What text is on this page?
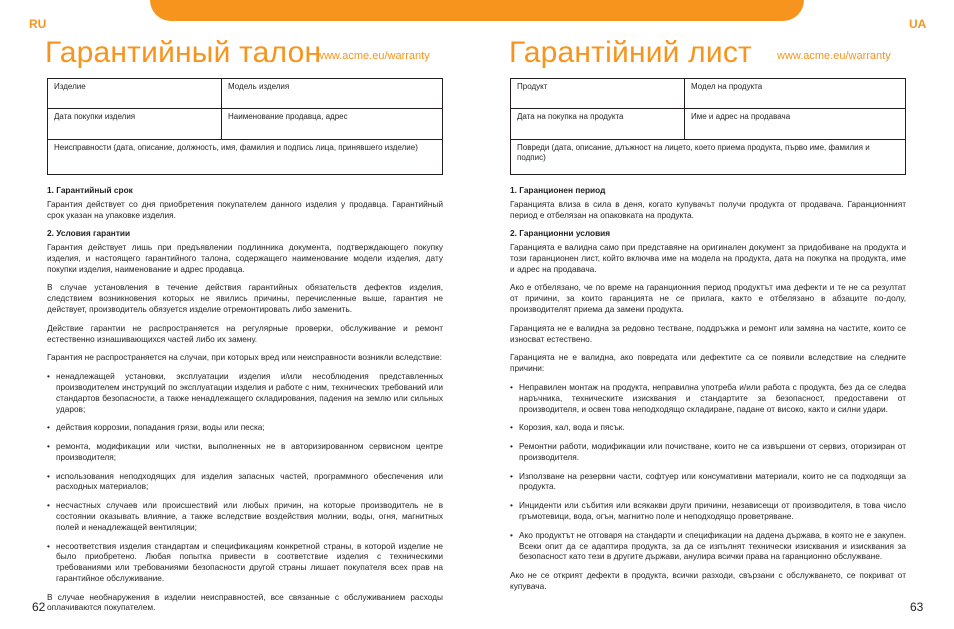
RU
Гарантийный талон
www.acme.eu/warranty
Изделие	Модель изделия
Дата покупки изделия	Наименование продавца, адрес
Неисправности (дата, описание, должность, имя, фамилия и подпись лица, принявшего изделие)	
1. Гарантийный срок

Гарантия действует со дня приобретения покупателем данного изделия у продавца. Гарантийный срок указан на упаковке изделия.

2. Условия гарантии

Гарантия действует лишь при предъявлении подлинника документа, подтверждающего покупку изделия, и настоящего гарантийного талона, содержащего наименование модели изделия, дату покупки изделия, наименование и адрес продавца.

В случае установления в течение действия гарантийных обязательств дефектов изделия, следствием возникновения которых не явились причины, перечисленные выше, гарантия не действует, производитель обязуется изделие отремонтировать либо заменить.

Действие гарантии не распространяется на регулярные проверки, обслуживание и ремонт естественно изнашивающихся частей либо их замену.

Гарантия не распространяется на случаи, при которых вред или неисправности возникли вследствие:

• ненадлежащей установки, эксплуатации изделия и/или несоблюдения представленных производителем инструкций по эксплуатации изделия и работе с ним, технических требований или стандартов безопасности, а также ненадлежащего складирования, падения на землю или сильных ударов;
• действия коррозии, попадания грязи, воды или песка;
• ремонта, модификации или чистки, выполненных не в авторизированном сервисном центре производителя;
• использования неподходящих для изделия запасных частей, программного обеспечения или расходных материалов;
• несчастных случаев или происшествий или любых причин, на которые производитель не в состоянии оказывать влияние, а также вследствие воздействия молнии, воды, огня, магнитных полей и ненадлежащей вентиляции;
• несоответствия изделия стандартам и спецификациям конкретной страны, в которой изделие не было приобретено. Любая попытка привести в соответствие изделия с техническими требованиями или требованиями безопасности другой страны лишает покупателя всех прав на гарантийное обслуживание.

В случае необнаружения в изделии неисправностей, все связанные с обслуживанием расходы оплачиваются покупателем.

62
UA
Гарантійний лист www.acme.eu/warranty
Продукт	Модел на продукта
Дата на покупка на продукта	Име и адрес на продавача
Повреди (дата, описание, длъжност на лицето, което приема продукта, първо име, фамилия и подпис)	
1. Гаранционен период

Гаранцията влиза в сила в деня, когато купувачът получи продукта от продавача. Гаранционният период е отбелязан на опаковката на продукта.

2. Гаранционни условия

Гаранцията е валидна само при представяне на оригинален документ за придобиване на продукта и този гаранционен лист, който включва име на модела на продукта, дата на покупка на продукта, име и адрес на продавача.

Ако е отбелязано, че по време на гаранционния период продуктът има дефекти и те не са резултат от причини, за които гаранцията не се прилага, както е отбелязано в абзаците по-долу, производителят приема да замени продукта.

Гаранцията не е валидна за редовно тестване, поддръжка и ремонт или замяна на частите, които се износват естествено.

Гаранцията не е валидна, ако повредата или дефектите са се появили вследствие на следните причини:

• Неправилен монтаж на продукта, неправилна употреба и/или работа с продукта, без да се следва наръчника, техническите изисквания и стандартите за безопасност, предоставени от производителя, и освен това неподходящо складиране, падане от високо, както и силни удари.
• Корозия, кал, вода и пясък.
• Ремонтни работи, модификации или почистване, които не са извършени от сервиз, оторизиран от производителя.
• Използване на резервни части, софтуер или консумативни материали, които не са подходящи за продукта.
• Инциденти или събития или всякакви други причини, независещи от производителя, в това число гръмотевици, вода, огън, магнитно поле и неподходящо проветряване.
• Ако продуктът не отговаря на стандарти и спецификации на дадена държава, в която не е закупен. Всеки опит да се адаптира продукта, за да се изпълнят технически изисквания и изисквания за безопасност като тези в другите държави, анулира всички права на гаранционно обслужване.

Ако не се открият дефекти в продукта, всички разходи, свързани с обслужването, се покриват от купувача.

63
